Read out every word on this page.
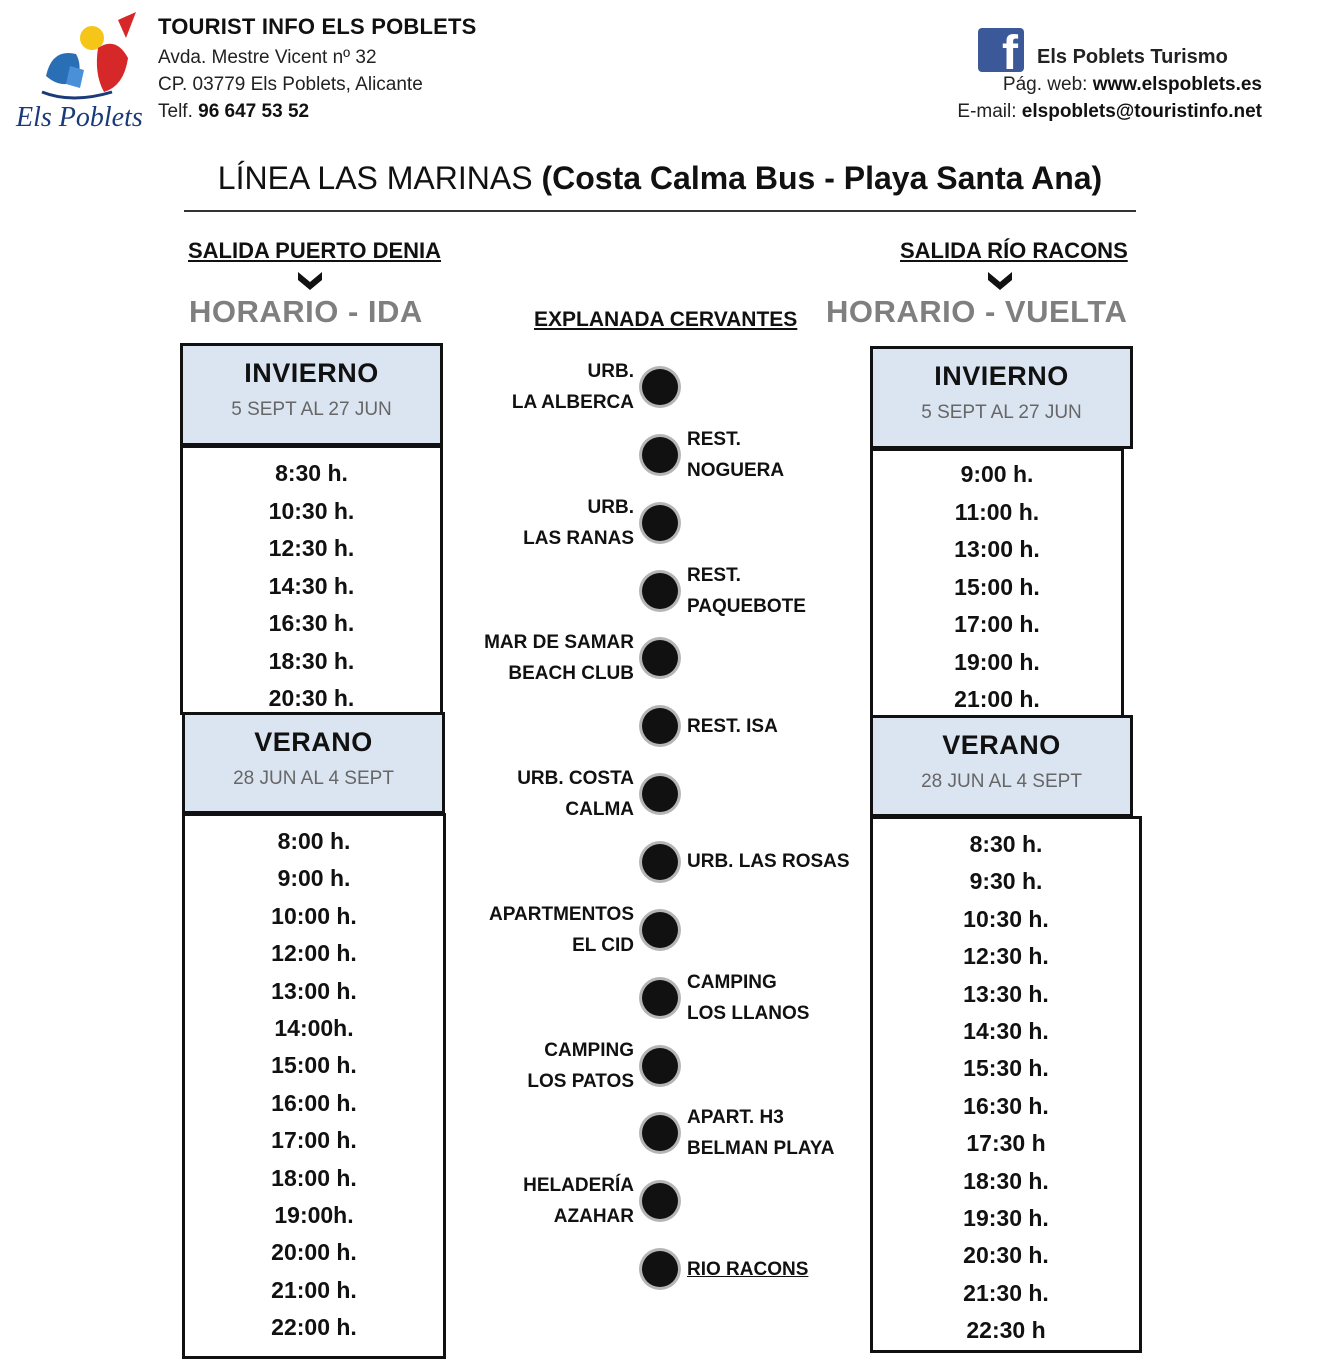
Els Poblets
TOURIST INFO ELS POBLETS
Avda. Mestre Vicent nº 32
CP. 03779 Els Poblets, Alicante
Telf. 96 647 53 52
f Els Poblets Turismo
Pág. web: www.elspoblets.es
E-mail: elspoblets@touristinfo.net
LÍNEA LAS MARINAS (Costa Calma Bus - Playa Santa Ana)
SALIDA PUERTO DENIA
HORARIO - IDA
SALIDA RÍO RACONS
HORARIO - VUELTA
EXPLANADA CERVANTES
INVIERNO
5 SEPT AL 27 JUN
8:30 h.
10:30 h.
12:30 h.
14:30 h.
16:30 h.
18:30 h.
20:30 h.
VERANO
28 JUN AL 4 SEPT
8:00 h.
9:00 h.
10:00 h.
12:00 h.
13:00 h.
14:00h.
15:00 h.
16:00 h.
17:00 h.
18:00 h.
19:00h.
20:00 h.
21:00 h.
22:00 h.
INVIERNO
5 SEPT AL 27 JUN
9:00 h.
11:00 h.
13:00 h.
15:00 h.
17:00 h.
19:00 h.
21:00 h.
VERANO
28 JUN AL 4 SEPT
8:30 h.
9:30 h.
10:30 h.
12:30 h.
13:30 h.
14:30 h.
15:30 h.
16:30 h.
17:30 h
18:30 h.
19:30 h.
20:30 h.
21:30 h.
22:30 h
URB.
LA ALBERCA
REST.
NOGUERA
URB.
LAS RANAS
REST.
PAQUEBOTE
MAR DE SAMAR
BEACH CLUB
REST. ISA
URB. COSTA
CALMA
URB. LAS ROSAS
APARTMENTOS
EL CID
CAMPING
LOS LLANOS
CAMPING
LOS PATOS
APART. H3
BELMAN PLAYA
HELADERÍA
AZAHAR
RIO RACONS
